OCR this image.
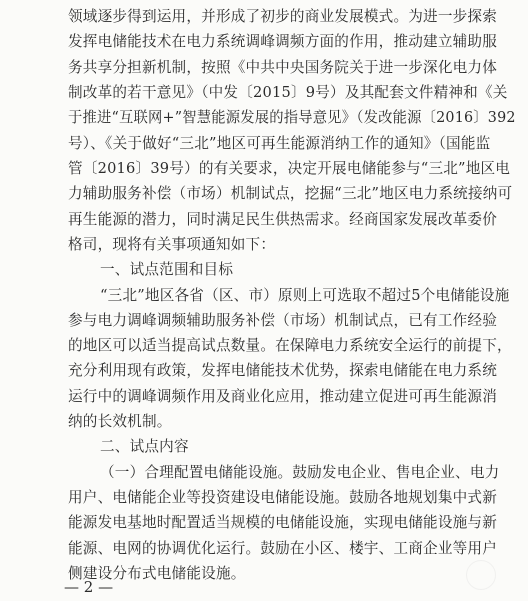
领域逐步得到运用，并形成了初步的商业发展模式。为进一步探索
发挥电储能技术在电力系统调峰调频方面的作用，推动建立辅助服
务共享分担新机制，按照《中共中央国务院关于进一步深化电力体
制改革的若干意见》（中发〔2015〕9号）及其配套文件精神和《关
于推进“互联网+”智慧能源发展的指导意见》（发改能源〔2016〕392
号）、《关于做好“三北”地区可再生能源消纳工作的通知》（国能监
管〔2016〕39号）的有关要求，决定开展电储能参与“三北”地区电
力辅助服务补偿（市场）机制试点，挖掘“三北”地区电力系统接纳可
再生能源的潜力，同时满足民生供热需求。经商国家发展改革委价
格司，现将有关事项通知如下：
一、试点范围和目标
“三北”地区各省（区、市）原则上可选取不超过5个电储能设施
参与电力调峰调频辅助服务补偿（市场）机制试点，已有工作经验
的地区可以适当提高试点数量。在保障电力系统安全运行的前提下，
充分利用现有政策，发挥电储能技术优势，探索电储能在电力系统
运行中的调峰调频作用及商业化应用，推动建立促进可再生能源消
纳的长效机制。
二、试点内容
（一）合理配置电储能设施。鼓励发电企业、售电企业、电力
用户、电储能企业等投资建设电储能设施。鼓励各地规划集中式新
能源发电基地时配置适当规模的电储能设施，实现电储能设施与新
能源、电网的协调优化运行。鼓励在小区、楼宇、工商企业等用户
侧建设分布式电储能设施。
— 2 —
